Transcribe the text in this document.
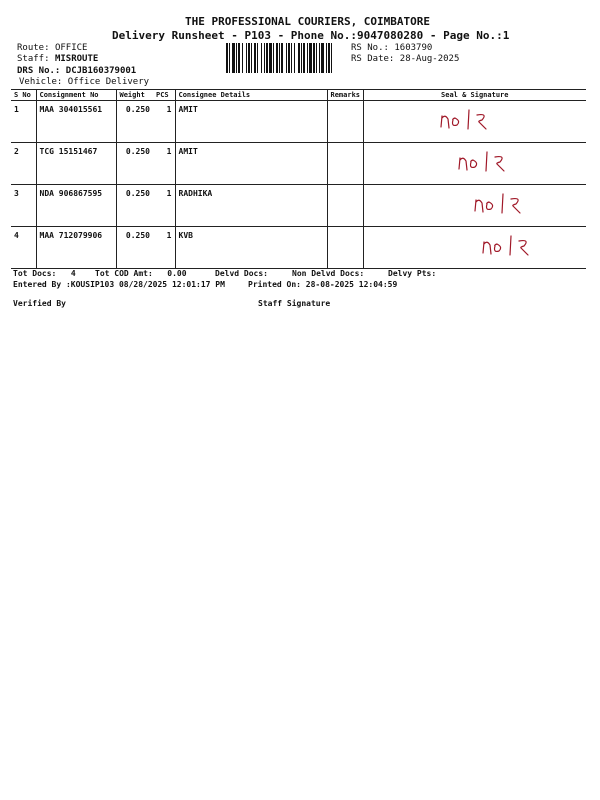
THE PROFESSIONAL COURIERS, COIMBATORE
Delivery Runsheet - P103 - Phone No.:9047080280 - Page No.:1
Route: OFFICE
Staff: MISROUTE
DRS No.: DCJB160379001
Vehicle: Office Delivery
RS No.: 1603790
RS Date: 28-Aug-2025
S No	Consignment No	Weight	PCS	Consignee Details	Remarks	Seal & Signature
1	MAA 304015561	0.250	1	AMIT		

2	TCG 15151467	0.250	1	AMIT		

3	NDA 906867595	0.250	1	RADHIKA		

4	MAA 712079906	0.250	1	KVB		
Tot Docs: 4 Tot COD Amt: 0.00	Delvd Docs:	Non Delvd Docs:	Delvy Pts:
Entered By :KOUSIP103 08/28/2025 12:01:17 PM	Printed On: 28-08-2025 12:04:59
Verified By	Staff Signature
